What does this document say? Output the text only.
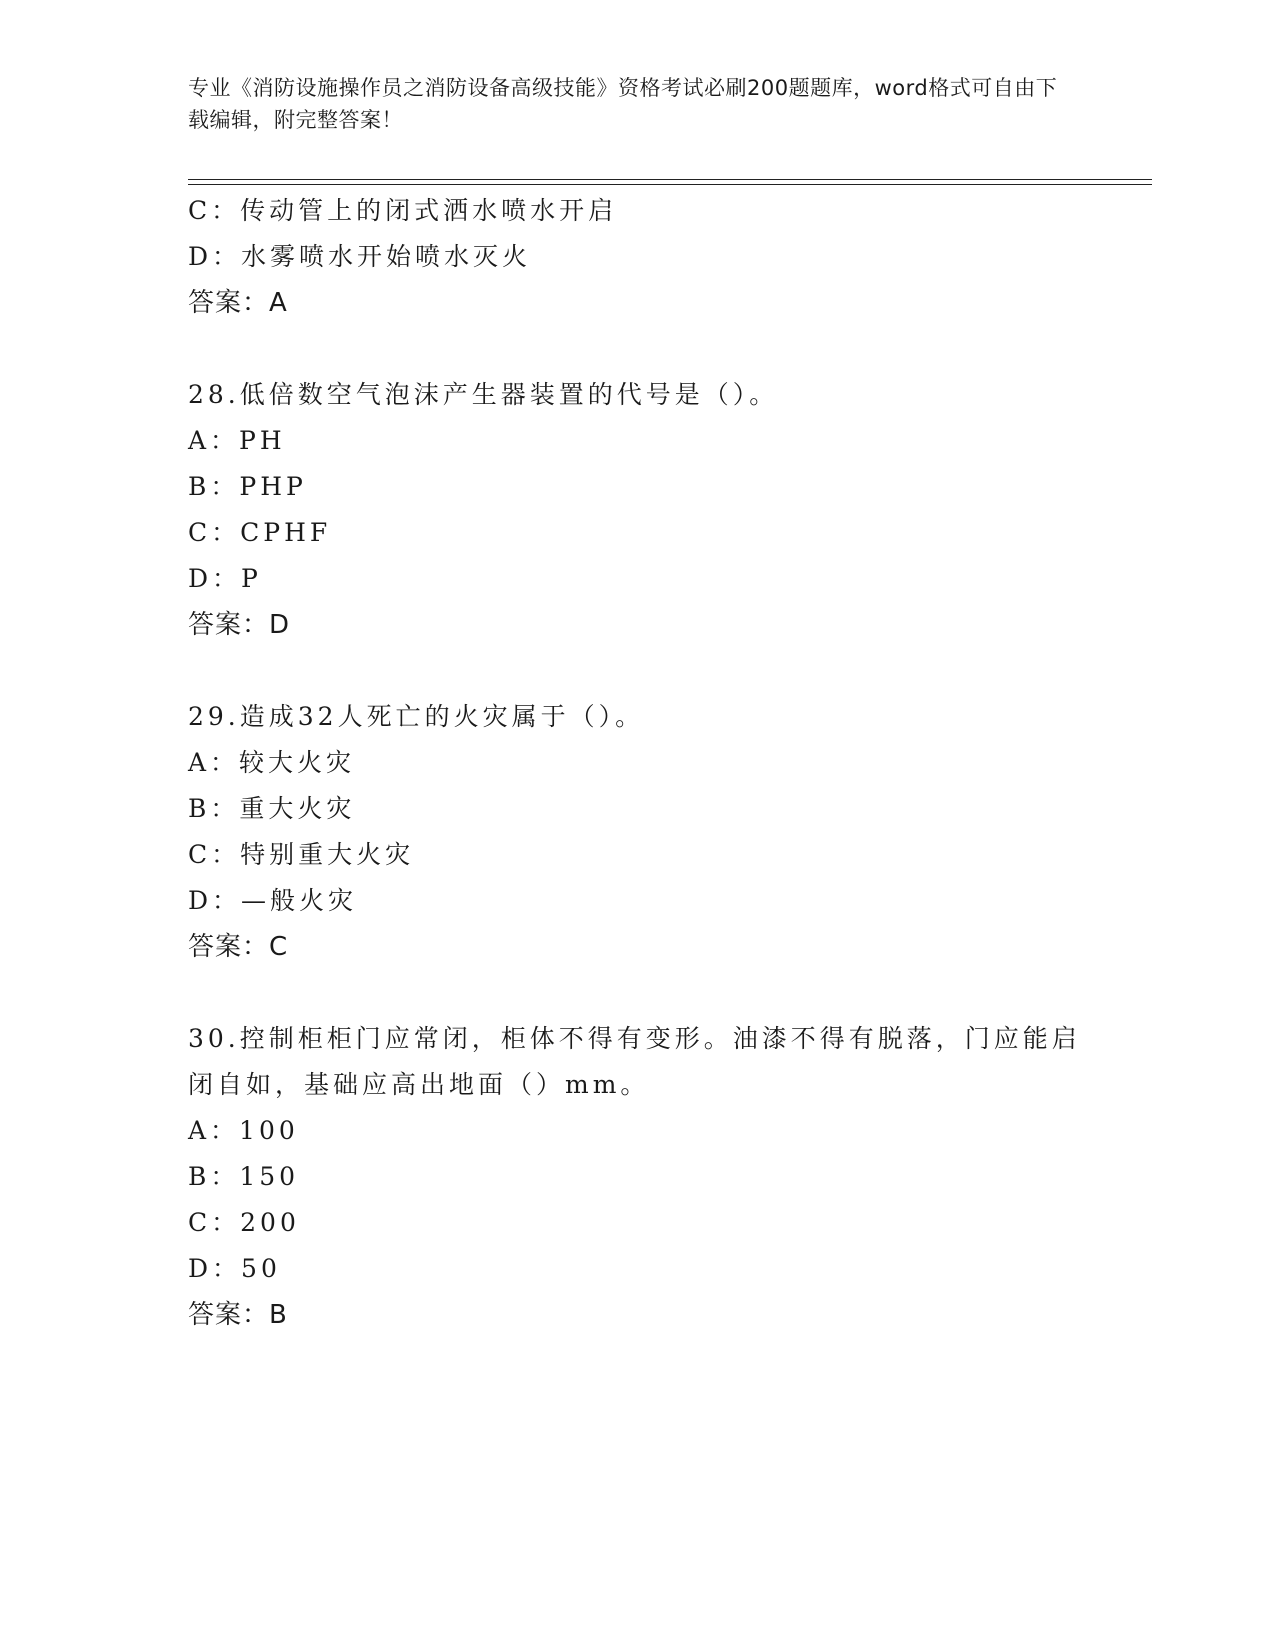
专业《消防设施操作员之消防设备高级技能》资格考试必刷200题题库，word格式可自由下载编辑，附完整答案！
C：传动管上的闭式洒水喷水开启
D：水雾喷水开始喷水灭火
答案：A
28.低倍数空气泡沫产生器装置的代号是（）。
A：PH
B：PHP
C：CPHF
D：P
答案：D
29.造成32人死亡的火灾属于（）。
A：较大火灾
B：重大火灾
C：特别重大火灾
D：—般火灾
答案：C
30.控制柜柜门应常闭，柜体不得有变形。油漆不得有脱落，门应能启
闭自如，基础应高出地面（）mm。
A：100
B：150
C：200
D：50
答案：B
